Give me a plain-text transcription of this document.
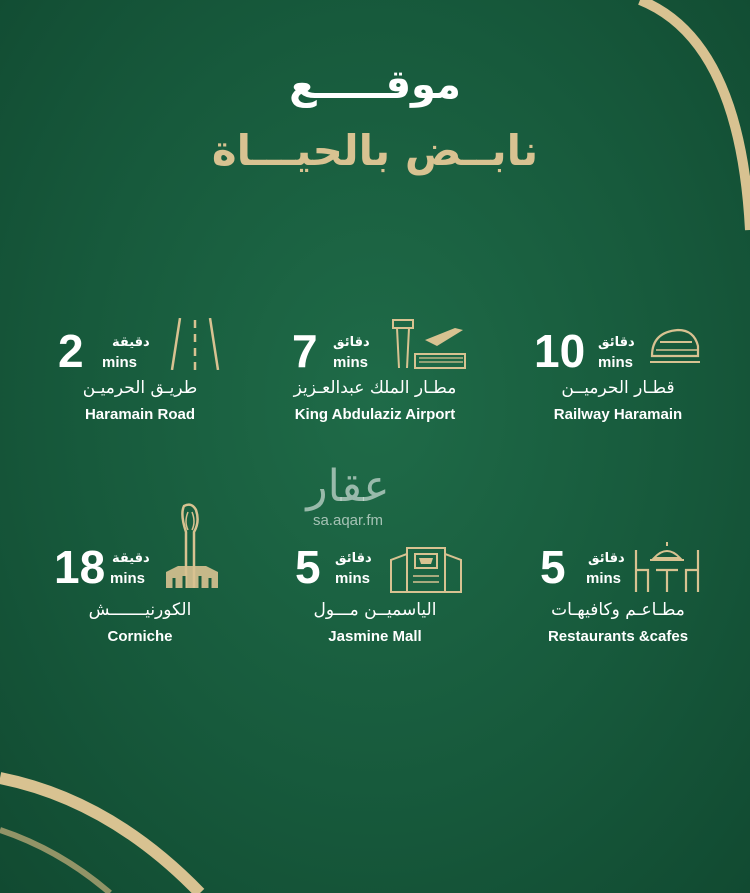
موقـــــع
نابــض بالحيـــاة
2 دقيقة
mins
طريـق الحرميـن
Haramain Road
7 دقائق
mins
مطـار الملك عبدالعـزيز
King Abdulaziz Airport
10 دقائق
mins
قطـار الحرميــن
Railway Haramain
عقار
sa.aqar.fm
18 دقيقة
mins
الكورنيـــــــش
Corniche
5 دقائق
mins
الياسميــن مـــول
Jasmine Mall
5 دقائق
mins
مطـاعـم وكافيهـات
Restaurants &cafes
